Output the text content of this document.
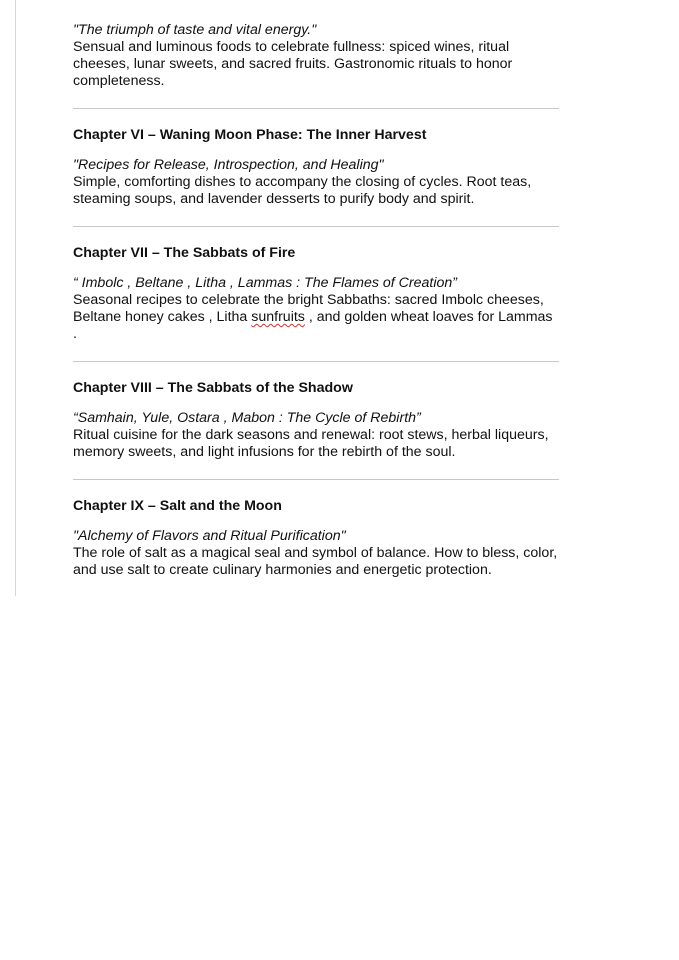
"The triumph of taste and vital energy."

Sensual and luminous foods to celebrate fullness: spiced wines, ritual cheeses, lunar sweets, and sacred fruits. Gastronomic rituals to honor completeness.

Chapter VI – Waning Moon Phase: The Inner Harvest

"Recipes for Release, Introspection, and Healing"

Simple, comforting dishes to accompany the closing of cycles. Root teas, steaming soups, and lavender desserts to purify body and spirit.

Chapter VII – The Sabbats of Fire

“ Imbolc , Beltane , Litha , Lammas : The Flames of Creation”

Seasonal recipes to celebrate the bright Sabbaths: sacred Imbolc cheeses, Beltane honey cakes , Litha sunfruits , and golden wheat loaves for Lammas .

Chapter VIII – The Sabbats of the Shadow

“Samhain, Yule, Ostara , Mabon : The Cycle of Rebirth”

Ritual cuisine for the dark seasons and renewal: root stews, herbal liqueurs, memory sweets, and light infusions for the rebirth of the soul.

Chapter IX – Salt and the Moon

"Alchemy of Flavors and Ritual Purification"

The role of salt as a magical seal and symbol of balance. How to bless, color, and use salt to create culinary harmonies and energetic protection.
